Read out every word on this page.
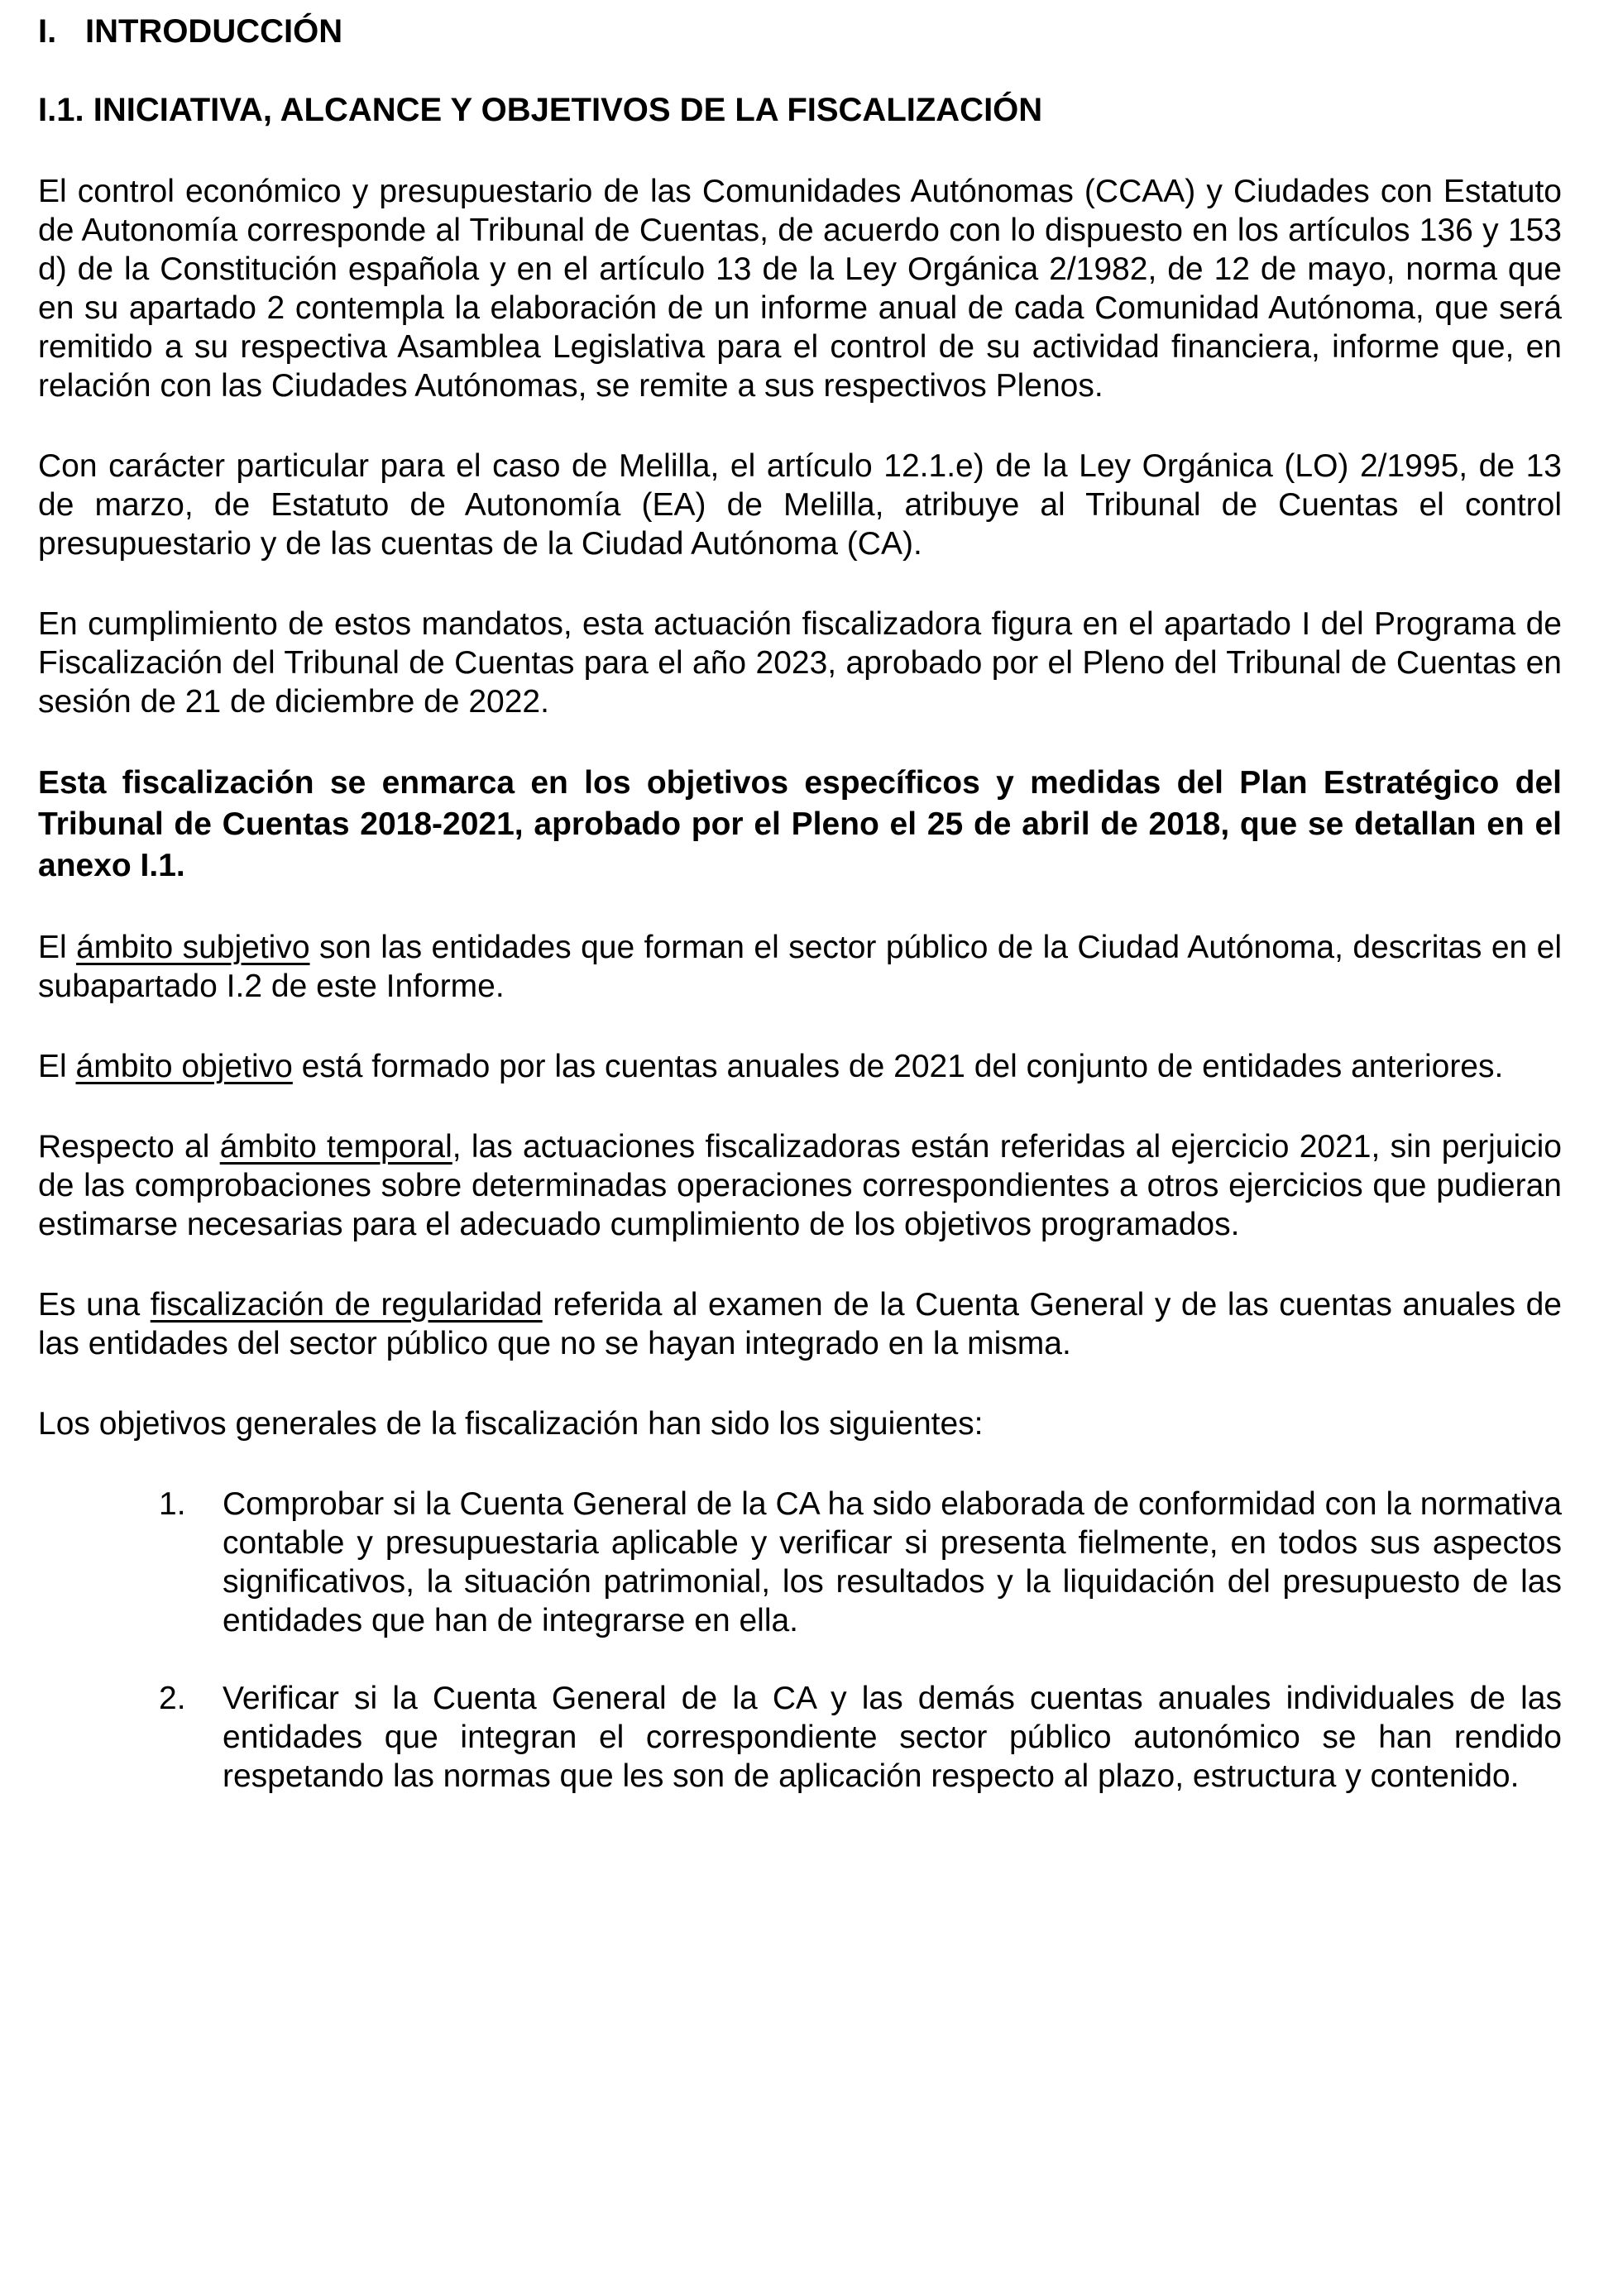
I. INTRODUCCIÓN
I.1. INICIATIVA, ALCANCE Y OBJETIVOS DE LA FISCALIZACIÓN

El control económico y presupuestario de las Comunidades Autónomas (CCAA) y Ciudades con Estatuto de Autonomía corresponde al Tribunal de Cuentas, de acuerdo con lo dispuesto en los artículos 136 y 153 d) de la Constitución española y en el artículo 13 de la Ley Orgánica 2/1982, de 12 de mayo, norma que en su apartado 2 contempla la elaboración de un informe anual de cada Comunidad Autónoma, que será remitido a su respectiva Asamblea Legislativa para el control de su actividad financiera, informe que, en relación con las Ciudades Autónomas, se remite a sus respectivos Plenos.

Con carácter particular para el caso de Melilla, el artículo 12.1.e) de la Ley Orgánica (LO) 2/1995, de 13 de marzo, de Estatuto de Autonomía (EA) de Melilla, atribuye al Tribunal de Cuentas el control presupuestario y de las cuentas de la Ciudad Autónoma (CA).

En cumplimiento de estos mandatos, esta actuación fiscalizadora figura en el apartado I del Programa de Fiscalización del Tribunal de Cuentas para el año 2023, aprobado por el Pleno del Tribunal de Cuentas en sesión de 21 de diciembre de 2022.

Esta fiscalización se enmarca en los objetivos específicos y medidas del Plan Estratégico del Tribunal de Cuentas 2018-2021, aprobado por el Pleno el 25 de abril de 2018, que se detallan en el anexo I.1.

El ámbito subjetivo son las entidades que forman el sector público de la Ciudad Autónoma, descritas en el subapartado I.2 de este Informe.

El ámbito objetivo está formado por las cuentas anuales de 2021 del conjunto de entidades anteriores.

Respecto al ámbito temporal, las actuaciones fiscalizadoras están referidas al ejercicio 2021, sin perjuicio de las comprobaciones sobre determinadas operaciones correspondientes a otros ejercicios que pudieran estimarse necesarias para el adecuado cumplimiento de los objetivos programados.

Es una fiscalización de regularidad referida al examen de la Cuenta General y de las cuentas anuales de las entidades del sector público que no se hayan integrado en la misma.

Los objetivos generales de la fiscalización han sido los siguientes:

1.	Comprobar si la Cuenta General de la CA ha sido elaborada de conformidad con la normativa contable y presupuestaria aplicable y verificar si presenta fielmente, en todos sus aspectos significativos, la situación patrimonial, los resultados y la liquidación del presupuesto de las entidades que han de integrarse en ella.
2.	Verificar si la Cuenta General de la CA y las demás cuentas anuales individuales de las entidades que integran el correspondiente sector público autonómico se han rendido respetando las normas que les son de aplicación respecto al plazo, estructura y contenido.
